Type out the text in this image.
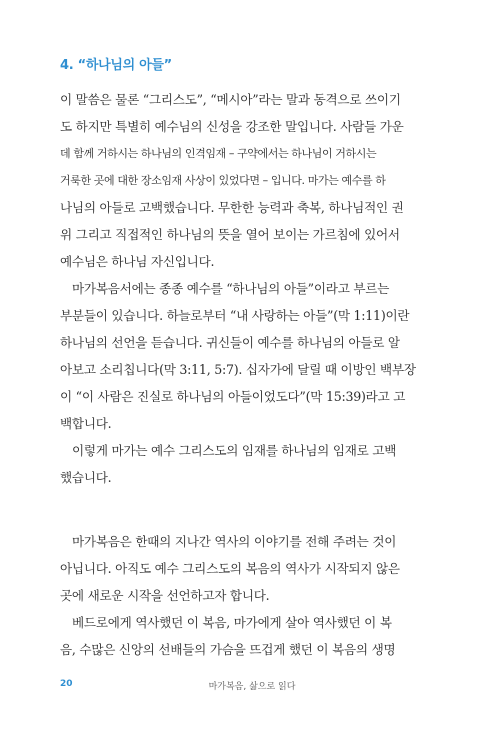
4. “하나님의 아들”
이 말씀은 물론 “그리스도”, “메시아”라는 말과 동격으로 쓰이기
도 하지만 특별히 예수님의 신성을 강조한 말입니다. 사람들 가운
데 함께 거하시는 하나님의 인격임재 – 구약에서는 하나님이 거하시는
거룩한 곳에 대한 장소임재 사상이 있었다면 – 입니다. 마가는 예수를 하
나님의 아들로 고백했습니다. 무한한 능력과 축복, 하나님적인 권
위 그리고 직접적인 하나님의 뜻을 열어 보이는 가르침에 있어서
예수님은 하나님 자신입니다.
마가복음서에는 종종 예수를 “하나님의 아들”이라고 부르는
부분들이 있습니다. 하늘로부터 “내 사랑하는 아들”(막 1:11)이란
하나님의 선언을 듣습니다. 귀신들이 예수를 하나님의 아들로 알
아보고 소리칩니다(막 3:11, 5:7). 십자가에 달릴 때 이방인 백부장
이 “이 사람은 진실로 하나님의 아들이었도다”(막 15:39)라고 고
백합니다.
이렇게 마가는 예수 그리스도의 임재를 하나님의 임재로 고백
했습니다.
마가복음은 한때의 지나간 역사의 이야기를 전해 주려는 것이
아닙니다. 아직도 예수 그리스도의 복음의 역사가 시작되지 않은
곳에 새로운 시작을 선언하고자 합니다.
베드로에게 역사했던 이 복음, 마가에게 살아 역사했던 이 복
음, 수많은 신앙의 선배들의 가슴을 뜨겁게 했던 이 복음의 생명
20	마가복음, 삶으로 읽다
